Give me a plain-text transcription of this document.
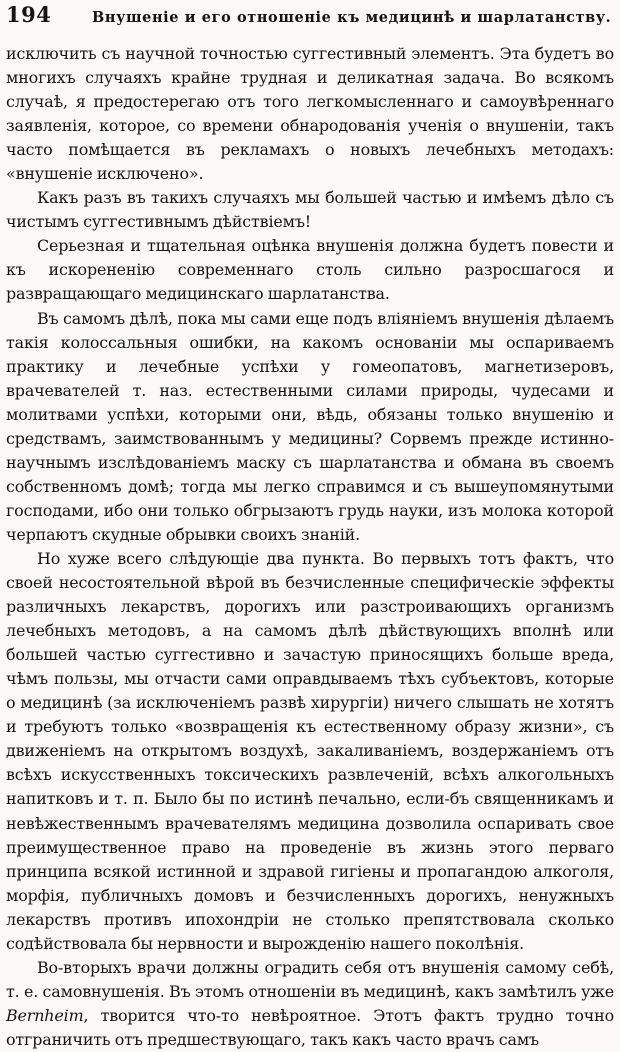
194	Внушеніе и его отношеніе къ медицинѣ и шарлатанству.

исключить съ научной точностью суггестивный элементъ. Эта будетъ во многихъ случаяхъ крайне трудная и деликатная задача. Во всякомъ случаѣ, я предостерегаю отъ того легкомысленнаго и самоувѣреннаго заявленія, которое, со времени обнародованія ученія о внушеніи, такъ часто помѣщается въ рекламахъ о новыхъ лечебныхъ методахъ: «внушеніе исключено».

Какъ разъ въ такихъ случаяхъ мы большей частью и имѣемъ дѣло съ чистымъ суггестивнымъ дѣйствіемъ!

Серьезная и тщательная оцѣнка внушенія должна будетъ повести и къ искорененію современнаго столь сильно разросшагося и развращающаго медицинскаго шарлатанства.

Въ самомъ дѣлѣ, пока мы сами еще подъ вліяніемъ внушенія дѣлаемъ такія колоссальныя ошибки, на какомъ основаніи мы оспариваемъ практику и лечебные успѣхи у гомеопатовъ, магнетизеровъ, врачевателей т. наз. естественными силами природы, чудесами и молитвами успѣхи, которыми они, вѣдь, обязаны только внушенію и средствамъ, заимствованнымъ у медицины? Сорвемъ прежде истинно-научнымъ изслѣдованіемъ маску съ шарлатанства и обмана въ своемъ собственномъ домѣ; тогда мы легко справимся и съ вышеупомянутыми господами, ибо они только обгрызаютъ грудь науки, изъ молока которой черпаютъ скудные обрывки своихъ знаній.

Но хуже всего слѣдующіе два пункта. Во первыхъ тотъ фактъ, что своей несостоятельной вѣрой въ безчисленные специфическіе эффекты различныхъ лекарствъ, дорогихъ или разстроивающихъ организмъ лечебныхъ методовъ, а на самомъ дѣлѣ дѣйствующихъ вполнѣ или большей частью суггестивно и зачастую приносящихъ больше вреда, чѣмъ пользы, мы отчасти сами оправдываемъ тѣхъ субъектовъ, которые о медицинѣ (за исключеніемъ развѣ хирургіи) ничего слышать не хотятъ и требуютъ только «возвращенія къ естественному образу жизни», съ движеніемъ на открытомъ воздухѣ, закаливаніемъ, воздержаніемъ отъ всѣхъ искусственныхъ токсическихъ развлеченій, всѣхъ алкогольныхъ напитковъ и т. п. Было бы по истинѣ печально, если-бъ священникамъ и невѣжественнымъ врачевателямъ медицина дозволила оспаривать свое преимущественное право на проведеніе въ жизнь этого перваго принципа всякой истинной и здравой гигіены и пропагандою алкоголя, морфія, публичныхъ домовъ и безчисленныхъ дорогихъ, ненужныхъ лекарствъ противъ ипохондріи не столько препятствовала сколько содѣйствовала бы нервности и вырожденію нашего поколѣнія.

Во-вторыхъ врачи должны оградить себя отъ внушенія самому себѣ, т. е. самовнушенія. Въ этомъ отношеніи въ медицинѣ, какъ замѣтилъ уже Bernheim, творится что-то невѣроятное. Этотъ фактъ трудно точно отграничить отъ предшествующаго, такъ какъ часто врачъ самъ
